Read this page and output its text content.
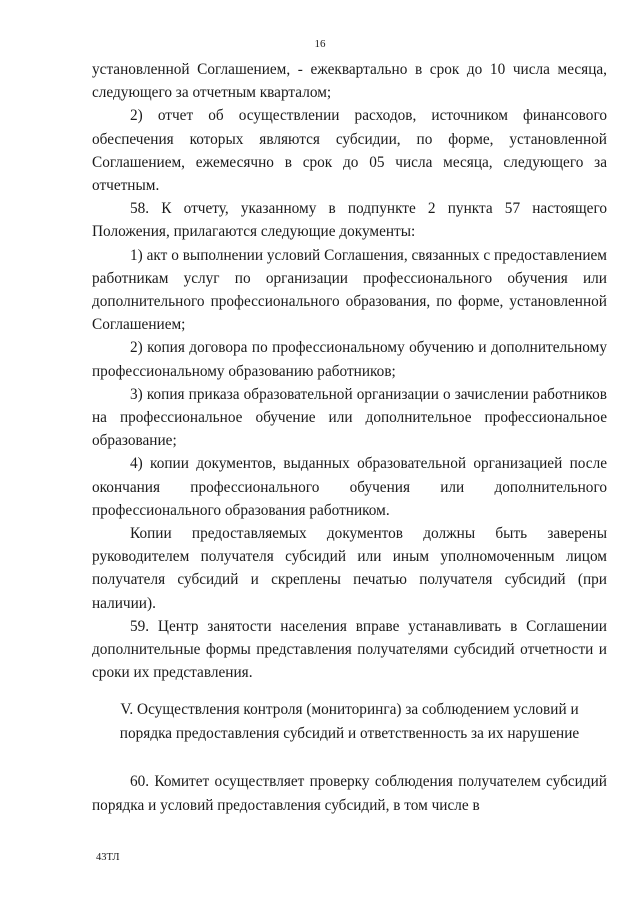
16

установленной Соглашением, - ежеквартально в срок до 10 числа месяца, следующего за отчетным кварталом;

2) отчет об осуществлении расходов, источником финансового обеспечения которых являются субсидии, по форме, установленной Соглашением, ежемесячно в срок до 05 числа месяца, следующего за отчетным.

58. К отчету, указанному в подпункте 2 пункта 57 настоящего Положения, прилагаются следующие документы:

1) акт о выполнении условий Соглашения, связанных с предоставлением работникам услуг по организации профессионального обучения или дополнительного профессионального образования, по форме, установленной Соглашением;

2) копия договора по профессиональному обучению и дополнительному профессиональному образованию работников;

3) копия приказа образовательной организации о зачислении работников на профессиональное обучение или дополнительное профессиональное образование;

4) копии документов, выданных образовательной организацией после окончания профессионального обучения или дополнительного профессионального образования работником.

Копии предоставляемых документов должны быть заверены руководителем получателя субсидий или иным уполномоченным лицом получателя субсидий и скреплены печатью получателя субсидий (при наличии).

59. Центр занятости населения вправе устанавливать в Соглашении дополнительные формы представления получателями субсидий отчетности и сроки их представления.

V. Осуществления контроля (мониторинга) за соблюдением условий и
порядка предоставления субсидий и ответственность за их нарушение

60. Комитет осуществляет проверку соблюдения получателем субсидий порядка и условий предоставления субсидий, в том числе в

43ТЛ
